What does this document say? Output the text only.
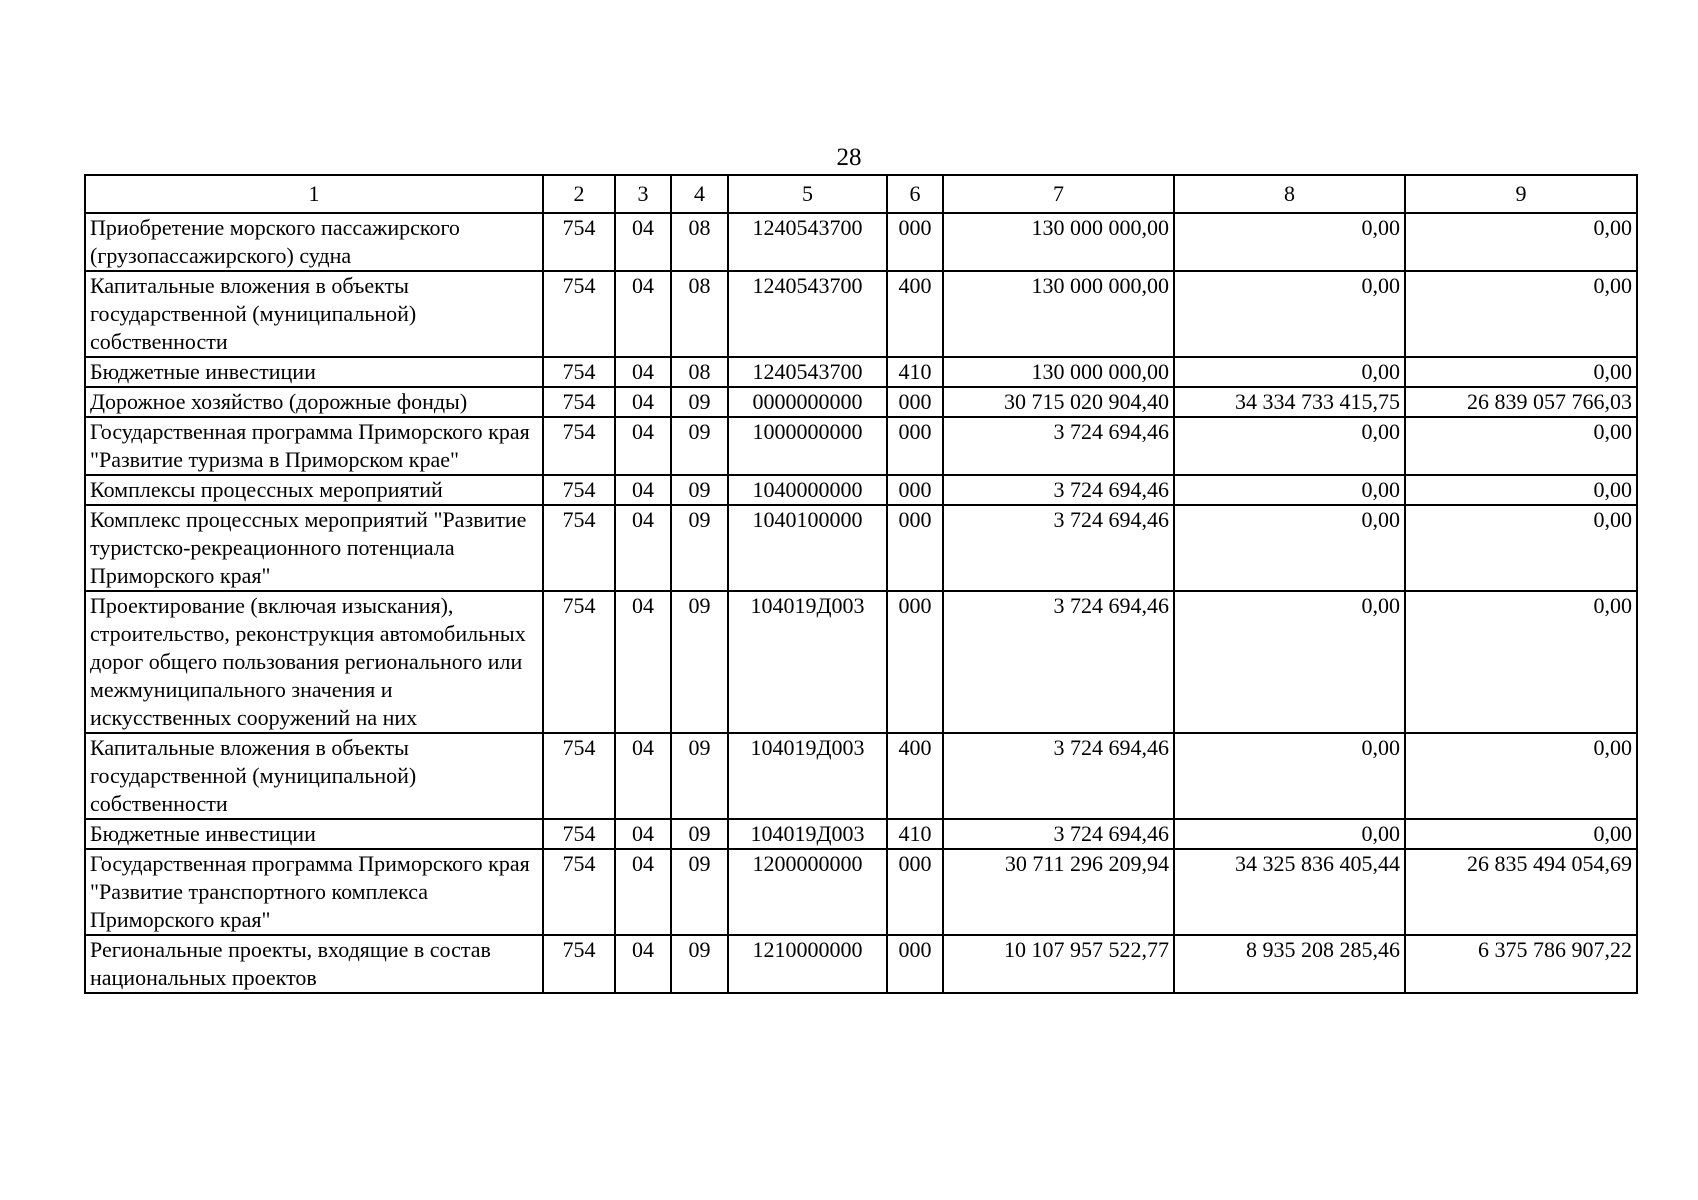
28
1	2	3	4	5	6	7	8	9
Приобретение морского пассажирского (грузопассажирского) судна	754	04	08	1240543700	000	130 000 000,00	0,00	0,00
Капитальные вложения в объекты государственной (муниципальной) собственности	754	04	08	1240543700	400	130 000 000,00	0,00	0,00
Бюджетные инвестиции	754	04	08	1240543700	410	130 000 000,00	0,00	0,00
Дорожное хозяйство (дорожные фонды)	754	04	09	0000000000	000	30 715 020 904,40	34 334 733 415,75	26 839 057 766,03
Государственная программа Приморского края "Развитие туризма в Приморском крае"	754	04	09	1000000000	000	3 724 694,46	0,00	0,00
Комплексы процессных мероприятий	754	04	09	1040000000	000	3 724 694,46	0,00	0,00
Комплекс процессных мероприятий "Развитие туристско-рекреационного потенциала Приморского края"	754	04	09	1040100000	000	3 724 694,46	0,00	0,00
Проектирование (включая изыскания), строительство, реконструкция автомобильных дорог общего пользования регионального или межмуниципального значения и искусственных сооружений на них	754	04	09	104019Д003	000	3 724 694,46	0,00	0,00
Капитальные вложения в объекты государственной (муниципальной) собственности	754	04	09	104019Д003	400	3 724 694,46	0,00	0,00
Бюджетные инвестиции	754	04	09	104019Д003	410	3 724 694,46	0,00	0,00
Государственная программа Приморского края "Развитие транспортного комплекса Приморского края"	754	04	09	1200000000	000	30 711 296 209,94	34 325 836 405,44	26 835 494 054,69
Региональные проекты, входящие в состав национальных проектов	754	04	09	1210000000	000	10 107 957 522,77	8 935 208 285,46	6 375 786 907,22
